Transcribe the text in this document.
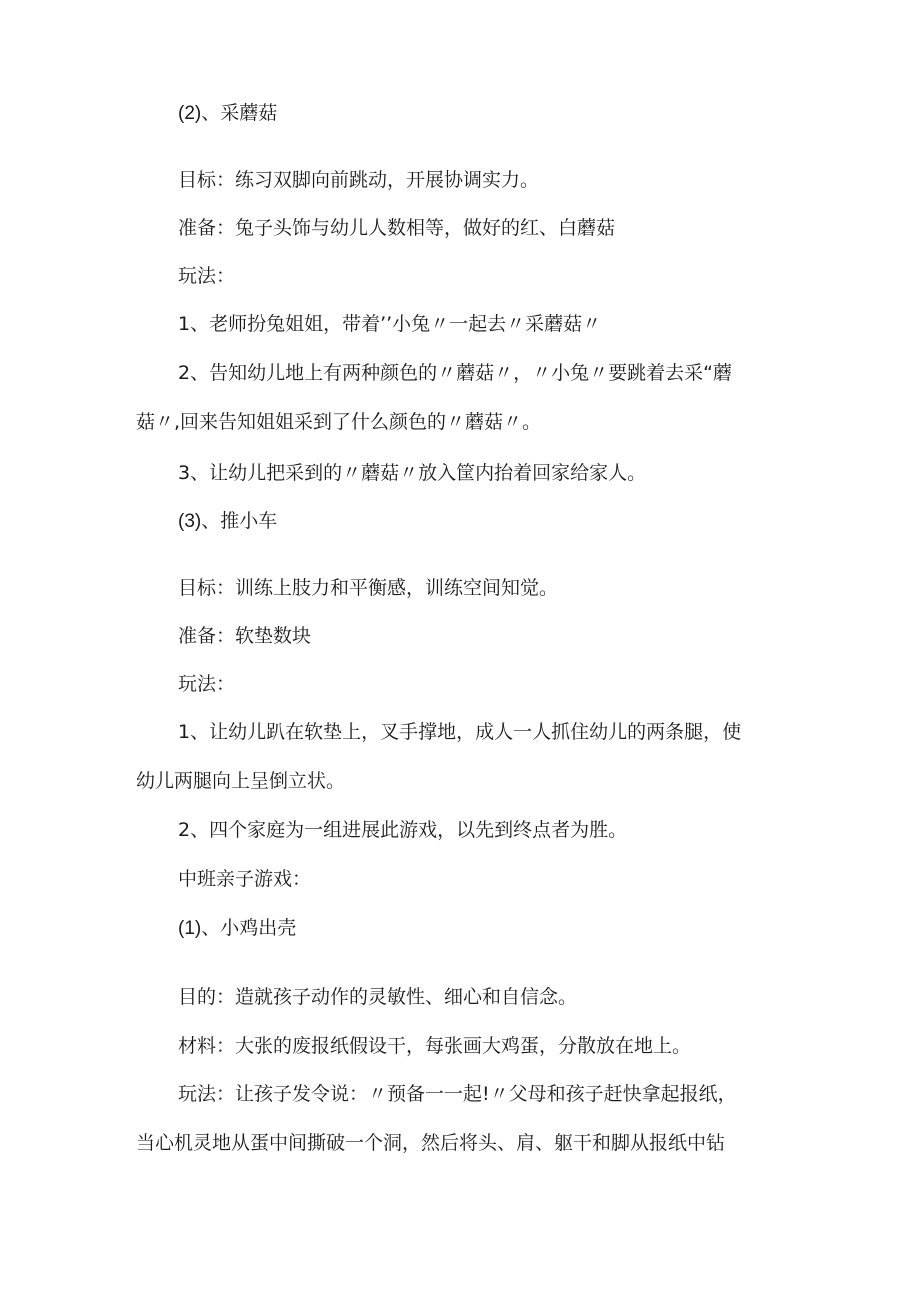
(2)、采蘑菇
目标：练习双脚向前跳动，开展协调实力。
准备：兔子头饰与幼儿人数相等，做好的红、白蘑菇
玩法：
1、老师扮兔姐姐，带着’’小兔〃一起去〃采蘑菇〃
2、告知幼儿地上有两种颜色的〃蘑菇〃，〃小兔〃要跳着去采“蘑
菇〃,回来告知姐姐采到了什么颜色的〃蘑菇〃。
3、让幼儿把采到的〃蘑菇〃放入筐内抬着回家给家人。
(3)、推小车
目标：训练上肢力和平衡感，训练空间知觉。
准备：软垫数块
玩法：
1、让幼儿趴在软垫上，叉手撑地，成人一人抓住幼儿的两条腿，使
幼儿两腿向上呈倒立状。
2、四个家庭为一组进展此游戏，以先到终点者为胜。
中班亲子游戏：
(1)、小鸡出壳
目的：造就孩子动作的灵敏性、细心和自信念。
材料：大张的废报纸假设干，每张画大鸡蛋，分散放在地上。
玩法：让孩子发令说：〃预备一一起!〃父母和孩子赶快拿起报纸，
当心机灵地从蛋中间撕破一个洞，然后将头、肩、躯干和脚从报纸中钻
